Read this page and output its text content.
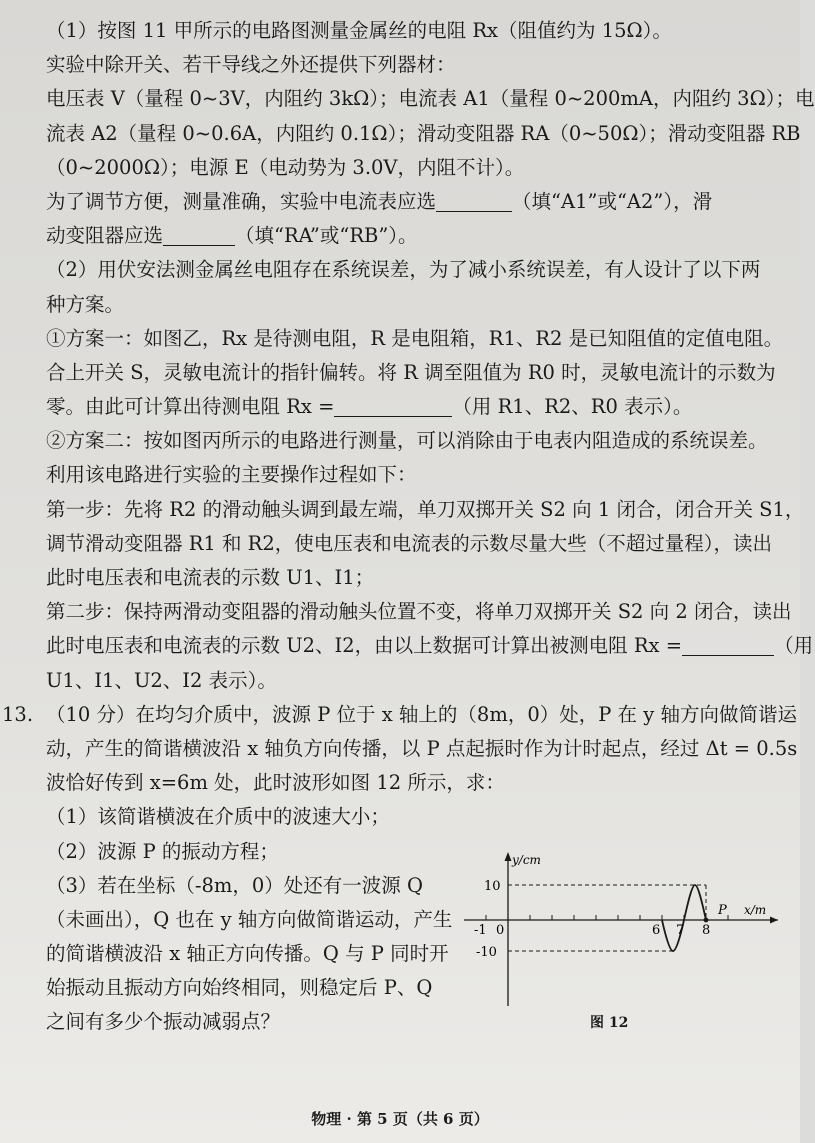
（1）按图 11 甲所示的电路图测量金属丝的电阻 Rx（阻值约为 15Ω）。
实验中除开关、若干导线之外还提供下列器材：
电压表 V（量程 0~3V，内阻约 3kΩ）；电流表 A1（量程 0~200mA，内阻约 3Ω）；电
流表 A2（量程 0~0.6A，内阻约 0.1Ω）；滑动变阻器 RA（0~50Ω）；滑动变阻器 RB
（0~2000Ω）；电源 E（电动势为 3.0V，内阻不计）。
为了调节方便，测量准确，实验中电流表应选	（填“A1”或“A2”），滑
动变阻器应选	（填“RA”或“RB”）。
（2）用伏安法测金属丝电阻存在系统误差，为了减小系统误差，有人设计了以下两
种方案。
①方案一：如图乙，Rx 是待测电阻，R 是电阻箱，R1、R2 是已知阻值的定值电阻。
合上开关 S，灵敏电流计的指针偏转。将 R 调至阻值为 R0 时，灵敏电流计的示数为
零。由此可计算出待测电阻 Rx =	（用 R1、R2、R0 表示）。
②方案二：按如图丙所示的电路进行测量，可以消除由于电表内阻造成的系统误差。
利用该电路进行实验的主要操作过程如下：
第一步：先将 R2 的滑动触头调到最左端，单刀双掷开关 S2 向 1 闭合，闭合开关 S1，
调节滑动变阻器 R1 和 R2，使电压表和电流表的示数尽量大些（不超过量程），读出
此时电压表和电流表的示数 U1、I1；
第二步：保持两滑动变阻器的滑动触头位置不变，将单刀双掷开关 S2 向 2 闭合，读出
此时电压表和电流表的示数 U2、I2，由以上数据可计算出被测电阻 Rx =	（用
U1、I1、U2、I2 表示）。
13. （10 分）在均匀介质中，波源 P 位于 x 轴上的（8m，0）处，P 在 y 轴方向做简谐运
动，产生的简谐横波沿 x 轴负方向传播，以 P 点起振时作为计时起点，经过 Δt = 0.5s
波恰好传到 x=6m 处，此时波形如图 12 所示，求：
（1）该简谐横波在介质中的波速大小；
（2）波源 P 的振动方程；
（3）若在坐标（-8m，0）处还有一波源 Q
（未画出），Q 也在 y 轴方向做简谐运动，产生
的简谐横波沿 x 轴正方向传播。Q 与 P 同时开
始振动且振动方向始终相同，则稳定后 P、Q
之间有多少个振动减弱点？
y/cm
x/m
10
-10
-1 0	6 7 8
P
图 12
物理 · 第 5 页（共 6 页）
